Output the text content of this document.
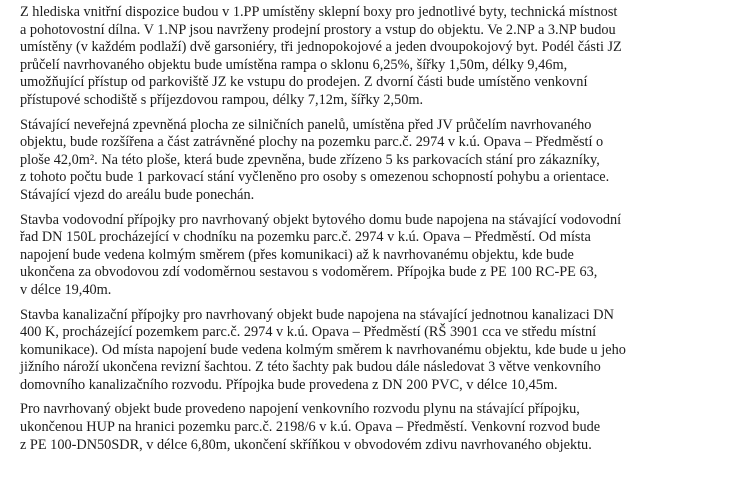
Z hlediska vnitřní dispozice budou v 1.PP umístěny sklepní boxy pro jednotlivé byty, technická místnost
a pohotovostní dílna. V 1.NP jsou navrženy prodejní prostory a vstup do objektu. Ve 2.NP a 3.NP budou
umístěny (v každém podlaží) dvě garsoniéry, tři jednopokojové a jeden dvoupokojový byt. Podél části JZ
průčelí navrhovaného objektu bude umístěna rampa o sklonu 6,25%, šířky 1,50m, délky 9,46m,
umožňující přístup od parkoviště JZ ke vstupu do prodejen. Z dvorní části bude umístěno venkovní
přístupové schodiště s příjezdovou rampou, délky 7,12m, šířky 2,50m.

Stávající neveřejná zpevněná plocha ze silničních panelů, umístěna před JV průčelím navrhovaného
objektu, bude rozšířena a část zatrávněné plochy na pozemku parc.č. 2974 v k.ú. Opava – Předměstí o
ploše 42,0m². Na této ploše, která bude zpevněna, bude zřízeno 5 ks parkovacích stání pro zákazníky,
z tohoto počtu bude 1 parkovací stání vyčleněno pro osoby s omezenou schopností pohybu a orientace.
Stávající vjezd do areálu bude ponechán.

Stavba vodovodní přípojky pro navrhovaný objekt bytového domu bude napojena na stávající vodovodní
řad DN 150L procházející v chodníku na pozemku parc.č. 2974 v k.ú. Opava – Předměstí. Od místa
napojení bude vedena kolmým směrem (přes komunikaci) až k navrhovanému objektu, kde bude
ukončena za obvodovou zdí vodoměrnou sestavou s vodoměrem. Přípojka bude z PE 100 RC-PE 63,
v délce 19,40m.

Stavba kanalizační přípojky pro navrhovaný objekt bude napojena na stávající jednotnou kanalizaci DN
400 K, procházející pozemkem parc.č. 2974 v k.ú. Opava – Předměstí (RŠ 3901 cca ve středu místní
komunikace). Od místa napojení bude vedena kolmým směrem k navrhovanému objektu, kde bude u jeho
jižního nároží ukončena revizní šachtou. Z této šachty pak budou dále následovat 3 větve venkovního
domovního kanalizačního rozvodu. Přípojka bude provedena z DN 200 PVC, v délce 10,45m.

Pro navrhovaný objekt bude provedeno napojení venkovního rozvodu plynu na stávající přípojku,
ukončenou HUP na hranici pozemku parc.č. 2198/6 v k.ú. Opava – Předměstí. Venkovní rozvod bude
z PE 100-DN50SDR, v délce 6,80m, ukončení skříňkou v obvodovém zdivu navrhovaného objektu.
